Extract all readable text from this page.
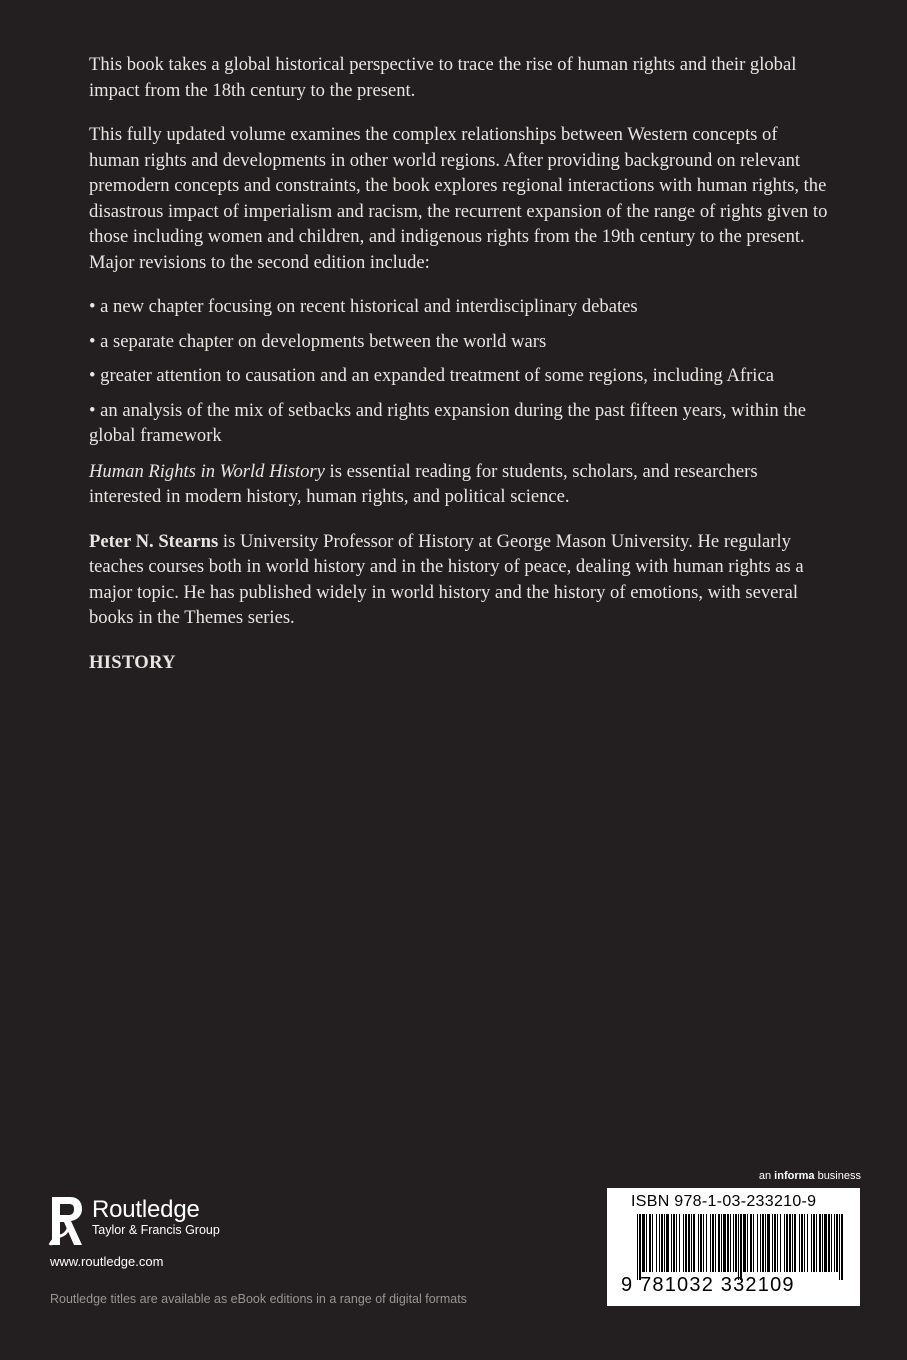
This book takes a global historical perspective to trace the rise of human rights and their global impact from the 18th century to the present.

This fully updated volume examines the complex relationships between Western concepts of human rights and developments in other world regions. After providing background on relevant premodern concepts and constraints, the book explores regional interactions with human rights, the disastrous impact of imperialism and racism, the recurrent expansion of the range of rights given to those including women and children, and indigenous rights from the 19th century to the present. Major revisions to the second edition include:

• a new chapter focusing on recent historical and interdisciplinary debates

• a separate chapter on developments between the world wars

• greater attention to causation and an expanded treatment of some regions, including Africa

• an analysis of the mix of setbacks and rights expansion during the past fifteen years, within the global framework

Human Rights in World History is essential reading for students, scholars, and researchers interested in modern history, human rights, and political science.

Peter N. Stearns is University Professor of History at George Mason University. He regularly teaches courses both in world history and in the history of peace, dealing with human rights as a major topic. He has published widely in world history and the history of emotions, with several books in the Themes series.

HISTORY

Routledge
Taylor & Francis Group
www.routledge.com
Routledge titles are available as eBook editions in a range of digital formats
an informa business
ISBN 978-1-03-233210-9
9 781032 332109
